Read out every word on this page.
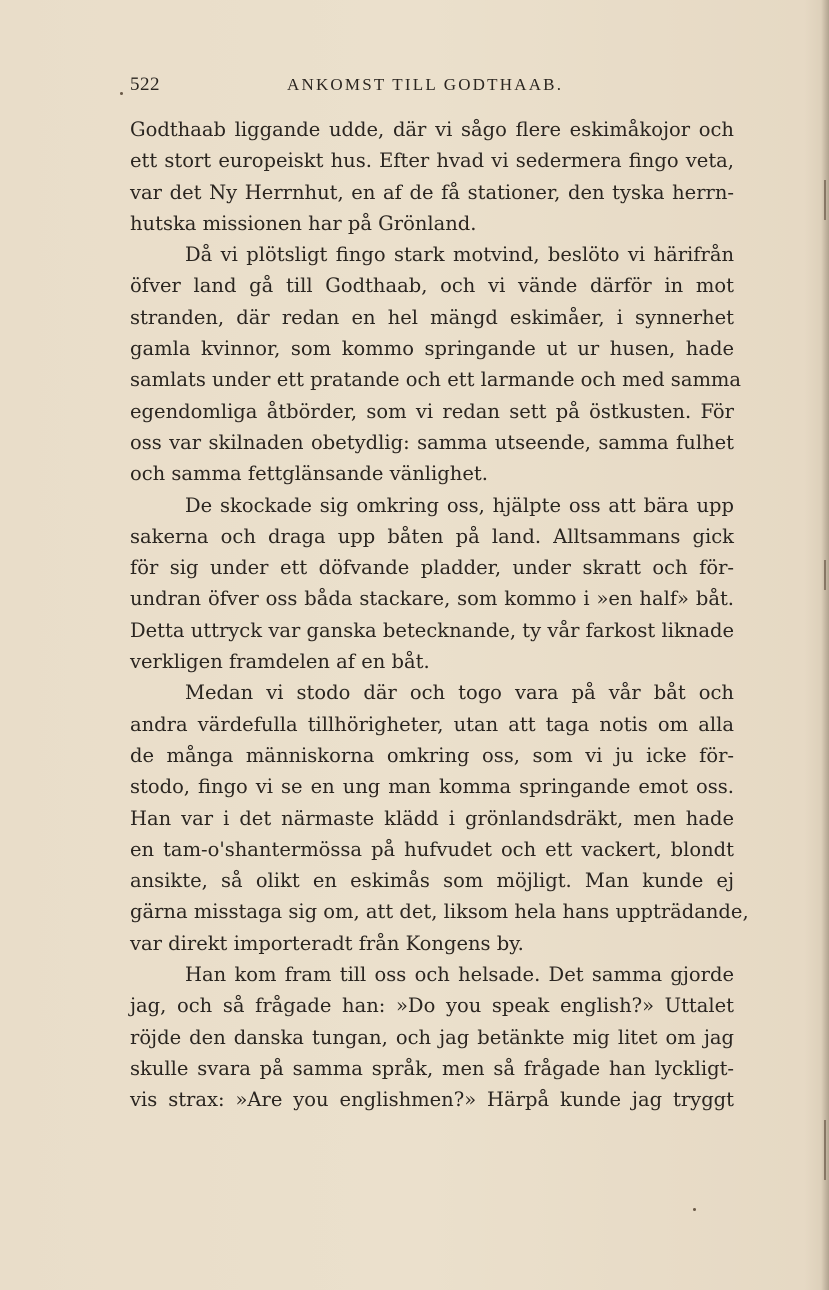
522	ANKOMST TILL GODTHAAB.
Godthaab liggande udde, där vi sågo flere eskimåkojor och
ett stort europeiskt hus. Efter hvad vi sedermera fingo veta,
var det Ny Herrnhut, en af de få stationer, den tyska herrn-
hutska missionen har på Grönland.
Då vi plötsligt fingo stark motvind, beslöto vi härifrån
öfver land gå till Godthaab, och vi vände därför in mot
stranden, där redan en hel mängd eskimåer, i synnerhet
gamla kvinnor, som kommo springande ut ur husen, hade
samlats under ett pratande och ett larmande och med samma
egendomliga åtbörder, som vi redan sett på östkusten. För
oss var skilnaden obetydlig: samma utseende, samma fulhet
och samma fettglänsande vänlighet.
De skockade sig omkring oss, hjälpte oss att bära upp
sakerna och draga upp båten på land. Alltsammans gick
för sig under ett döfvande pladder, under skratt och för-
undran öfver oss båda stackare, som kommo i »en half» båt.
Detta uttryck var ganska betecknande, ty vår farkost liknade
verkligen framdelen af en båt.
Medan vi stodo där och togo vara på vår båt och
andra värdefulla tillhörigheter, utan att taga notis om alla
de många människorna omkring oss, som vi ju icke för-
stodo, fingo vi se en ung man komma springande emot oss.
Han var i det närmaste klädd i grönlandsdräkt, men hade
en tam-o'shantermössa på hufvudet och ett vackert, blondt
ansikte, så olikt en eskimås som möjligt. Man kunde ej
gärna misstaga sig om, att det, liksom hela hans uppträdande,
var direkt importeradt från Kongens by.
Han kom fram till oss och helsade. Det samma gjorde
jag, och så frågade han: »Do you speak english?» Uttalet
röjde den danska tungan, och jag betänkte mig litet om jag
skulle svara på samma språk, men så frågade han lyckligt-
vis strax: »Are you englishmen?» Härpå kunde jag tryggt
